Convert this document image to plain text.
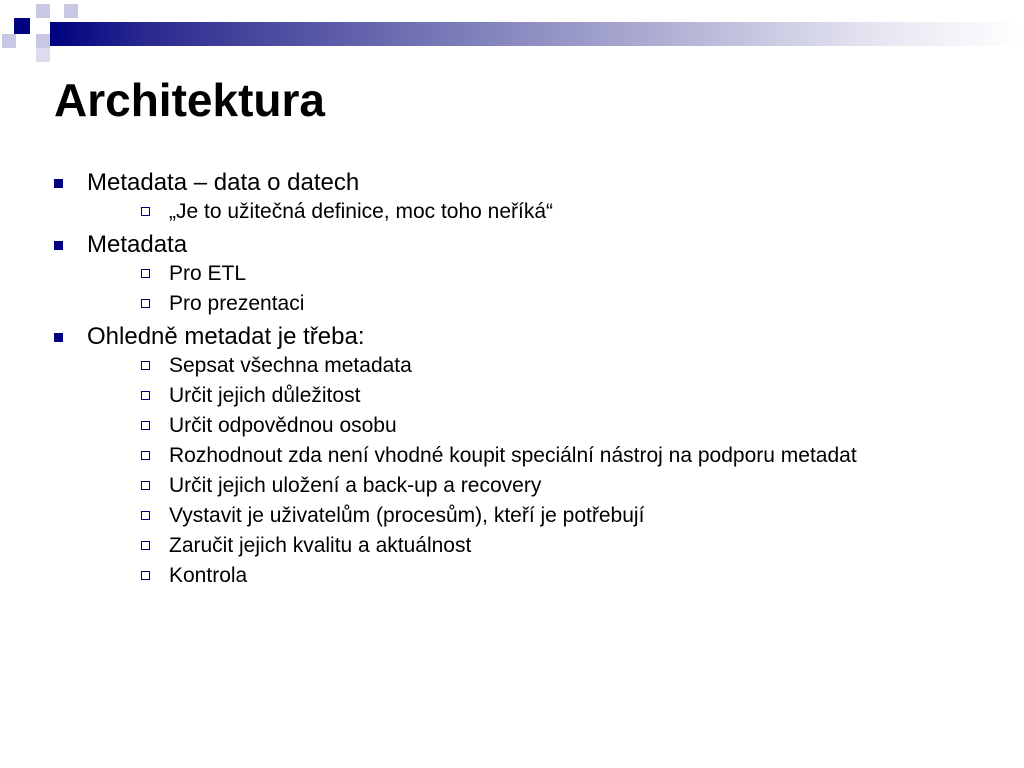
Architektura
Metadata – data o datech
„Je to užitečná definice, moc toho neříká“
Metadata
Pro ETL
Pro prezentaci
Ohledně metadat je třeba:
Sepsat všechna metadata
Určit jejich důležitost
Určit odpovědnou osobu
Rozhodnout zda není vhodné koupit speciální nástroj na podporu metadat
Určit jejich uložení a back-up a recovery
Vystavit je uživatelům (procesům), kteří je potřebují
Zaručit jejich kvalitu a aktuálnost
Kontrola
